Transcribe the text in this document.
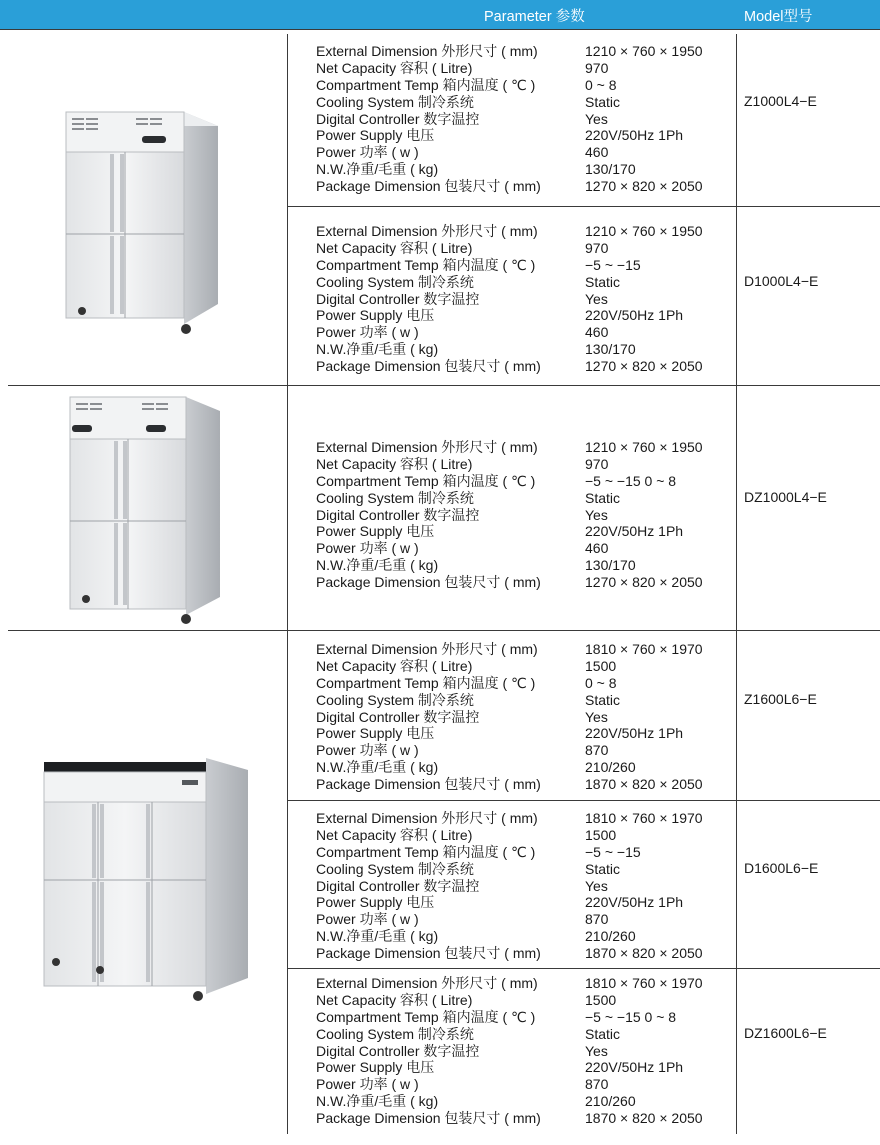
Parameter 参数	Model型号
External Dimension 外形尺寸 ( mm)	1210 × 760 × 1950
Net Capacity 容积 ( Litre)	970
Compartment Temp 箱内温度 ( ℃ )	0 ~ 8
Cooling System 制冷系统	Static
Digital Controller 数字温控	Yes
Power Supply 电压	220V/50Hz 1Ph
Power 功率 ( w )	460
N.W.净重/毛重 ( kg)	130/170
Package Dimension 包装尺寸 ( mm)	1270 × 820 × 2050
Z1000L4−E
External Dimension 外形尺寸 ( mm)	1210 × 760 × 1950
Net Capacity 容积 ( Litre)	970
Compartment Temp 箱内温度 ( ℃ )	−5 ~ −15
Cooling System 制冷系统	Static
Digital Controller 数字温控	Yes
Power Supply 电压	220V/50Hz 1Ph
Power 功率 ( w )	460
N.W.净重/毛重 ( kg)	130/170
Package Dimension 包装尺寸 ( mm)	1270 × 820 × 2050
D1000L4−E
External Dimension 外形尺寸 ( mm)	1210 × 760 × 1950
Net Capacity 容积 ( Litre)	970
Compartment Temp 箱内温度 ( ℃ )	−5 ~ −15 0 ~ 8
Cooling System 制冷系统	Static
Digital Controller 数字温控	Yes
Power Supply 电压	220V/50Hz 1Ph
Power 功率 ( w )	460
N.W.净重/毛重 ( kg)	130/170
Package Dimension 包装尺寸 ( mm)	1270 × 820 × 2050
DZ1000L4−E
External Dimension 外形尺寸 ( mm)	1810 × 760 × 1970
Net Capacity 容积 ( Litre)	1500
Compartment Temp 箱内温度 ( ℃ )	0 ~ 8
Cooling System 制冷系统	Static
Digital Controller 数字温控	Yes
Power Supply 电压	220V/50Hz 1Ph
Power 功率 ( w )	870
N.W.净重/毛重 ( kg)	210/260
Package Dimension 包装尺寸 ( mm)	1870 × 820 × 2050
Z1600L6−E
External Dimension 外形尺寸 ( mm)	1810 × 760 × 1970
Net Capacity 容积 ( Litre)	1500
Compartment Temp 箱内温度 ( ℃ )	−5 ~ −15
Cooling System 制冷系统	Static
Digital Controller 数字温控	Yes
Power Supply 电压	220V/50Hz 1Ph
Power 功率 ( w )	870
N.W.净重/毛重 ( kg)	210/260
Package Dimension 包装尺寸 ( mm)	1870 × 820 × 2050
D1600L6−E
External Dimension 外形尺寸 ( mm)	1810 × 760 × 1970
Net Capacity 容积 ( Litre)	1500
Compartment Temp 箱内温度 ( ℃ )	−5 ~ −15 0 ~ 8
Cooling System 制冷系统	Static
Digital Controller 数字温控	Yes
Power Supply 电压	220V/50Hz 1Ph
Power 功率 ( w )	870
N.W.净重/毛重 ( kg)	210/260
Package Dimension 包装尺寸 ( mm)	1870 × 820 × 2050
DZ1600L6−E
